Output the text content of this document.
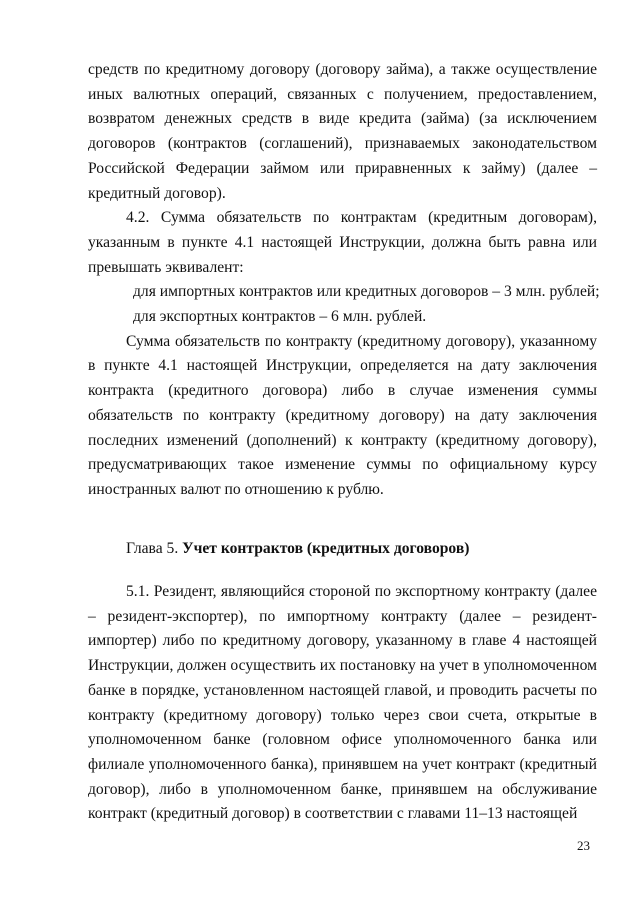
средств по кредитному договору (договору займа), а также осуществление иных валютных операций, связанных с получением, предоставлением, возвратом денежных средств в виде кредита (займа) (за исключением договоров (контрактов (соглашений), признаваемых законодательством Российской Федерации займом или приравненных к займу) (далее – кредитный договор).

4.2. Сумма обязательств по контрактам (кредитным договорам), указанным в пункте 4.1 настоящей Инструкции, должна быть равна или превышать эквивалент:

для импортных контрактов или кредитных договоров – 3 млн. рублей;

для экспортных контрактов – 6 млн. рублей.

Сумма обязательств по контракту (кредитному договору), указанному в пункте 4.1 настоящей Инструкции, определяется на дату заключения контракта (кредитного договора) либо в случае изменения суммы обязательств по контракту (кредитному договору) на дату заключения последних изменений (дополнений) к контракту (кредитному договору), предусматривающих такое изменение суммы по официальному курсу иностранных валют по отношению к рублю.

Глава 5. Учет контрактов (кредитных договоров)

5.1. Резидент, являющийся стороной по экспортному контракту (далее – резидент-экспортер), по импортному контракту (далее – резидент-импортер) либо по кредитному договору, указанному в главе 4 настоящей Инструкции, должен осуществить их постановку на учет в уполномоченном банке в порядке, установленном настоящей главой, и проводить расчеты по контракту (кредитному договору) только через свои счета, открытые в уполномоченном банке (головном офисе уполномоченного банка или филиале уполномоченного банка), принявшем на учет контракт (кредитный договор), либо в уполномоченном банке, принявшем на обслуживание контракт (кредитный договор) в соответствии с главами 11–13 настоящей

23
